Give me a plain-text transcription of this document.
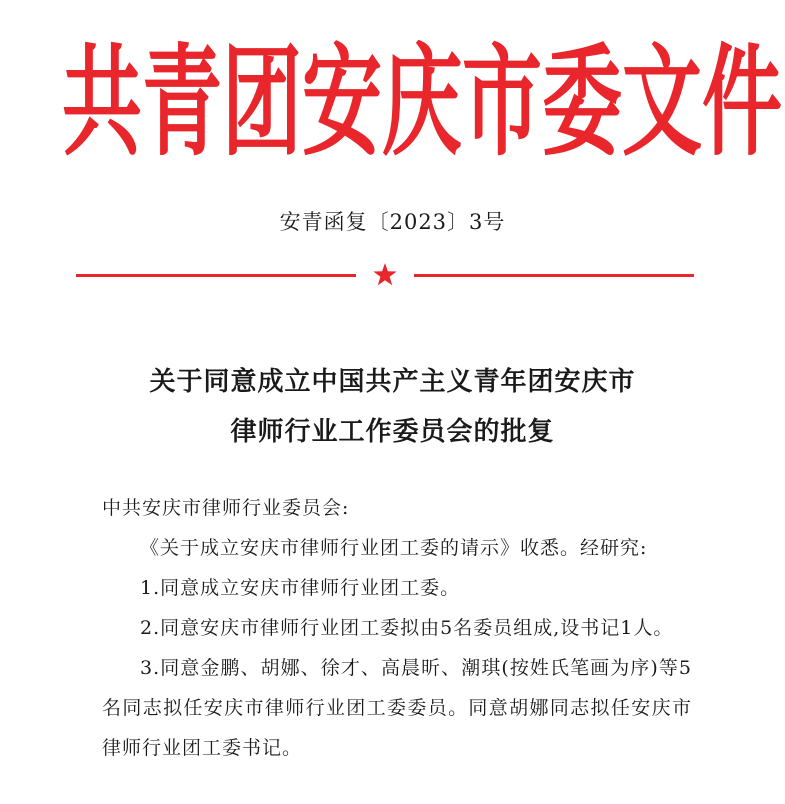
共 青 团 安 庆 市 委 文 件
安青函复〔2023〕3号
关于同意成立中国共产主义青年团安庆市
律师行业工作委员会的批复

中共安庆市律师行业委员会:

《关于成立安庆市律师行业团工委的请示》收悉。经研究:

1.同意成立安庆市律师行业团工委。

2.同意安庆市律师行业团工委拟由5名委员组成,设书记1人。

3.同意金鹏、胡娜、徐才、高晨昕、潮琪(按姓氏笔画为序)等5名同志拟任安庆市律师行业团工委委员。同意胡娜同志拟任安庆市律师行业团工委书记。
